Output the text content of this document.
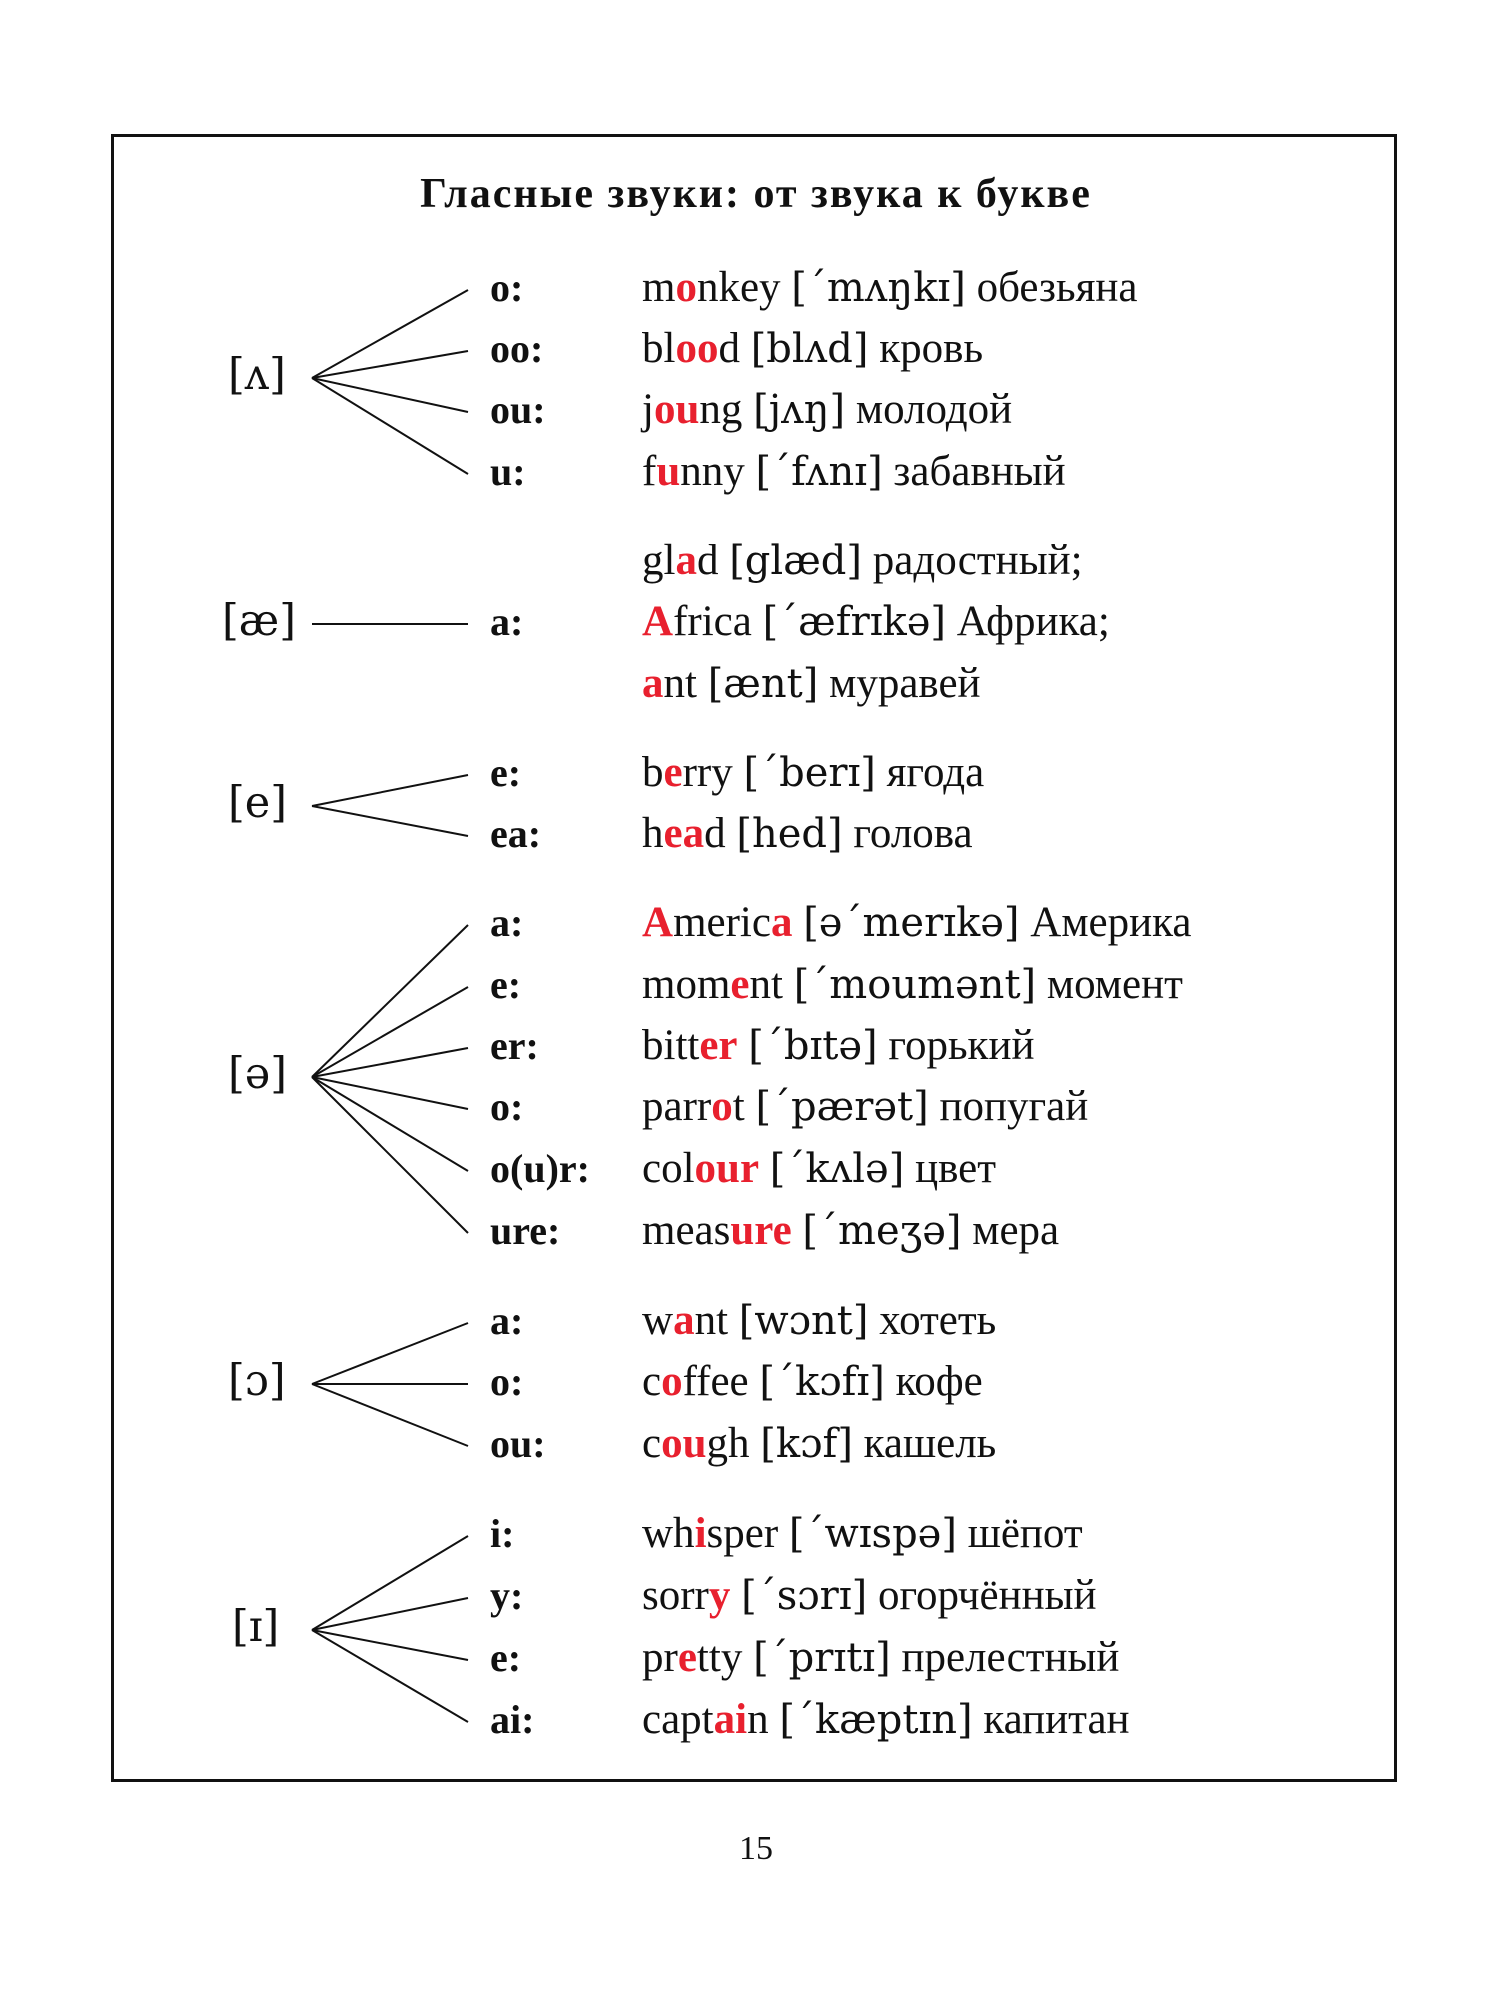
Гласные звуки: от звука к букве
[ʌ]
o:	monkey [ˊmʌŋkɪ] обезьяна
oo: blood [blʌd] кровь
ou: joung [jʌŋ] молодой
u:	funny [ˊfʌnɪ] забавный
[æ]
glad [glæd] радостный;
a:	Africa [ˊæfrɪkə] Африка;
ant [ænt] муравей
[e]
e:	berry [ˊberɪ] ягода
ea: head [hed] голова
[ə]
a:	America [əˊmerɪkə] Америка
e:	moment [ˊmoumənt] момент
er: bitter [ˊbɪtə] горький
o:	parrot [ˊpærət] попугай
o(u)r: colour [ˊkʌlə] цвет
ure: measure [ˊmeʒə] мера
[ɔ]
a:	want [wɔnt] хотеть
o:	coffee [ˊkɔfɪ] кофе
ou: cough [kɔf] кашель
[ɪ]
i:	whisper [ˊwɪspə] шёпот
y:	sorry [ˊsɔrɪ] огорчённый
e:	pretty [ˊprɪtɪ] прелестный
ai:	captain [ˊkæptɪn] капитан
15
